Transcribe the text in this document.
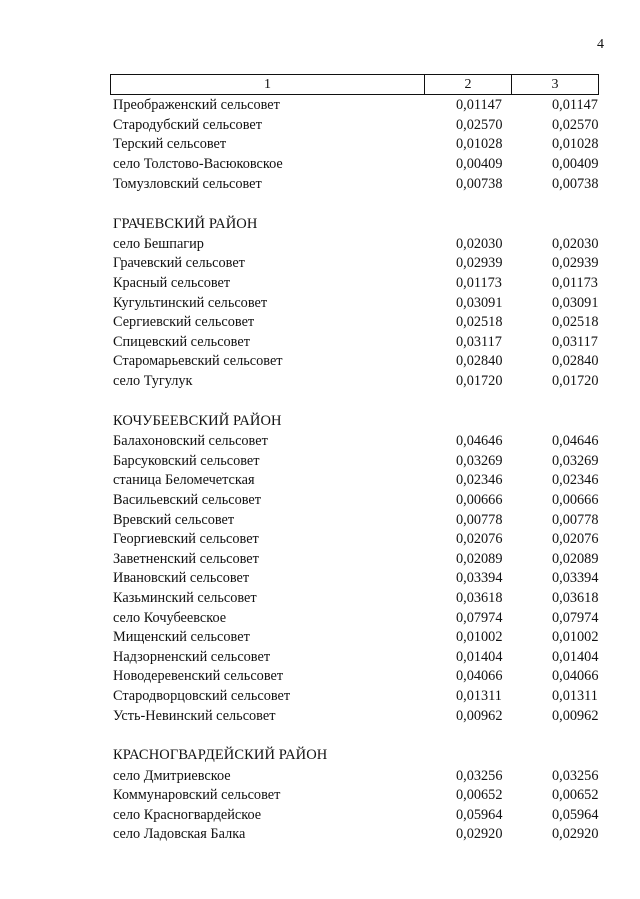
4
1	2	3
Преображенский сельсовет	0,01147	0,01147
Стародубский сельсовет	0,02570	0,02570
Терский сельсовет	0,01028	0,01028
село Толстово-Васюковское	0,00409	0,00409
Томузловский сельсовет	0,00738	0,00738
ГРАЧЕВСКИЙ РАЙОН
село Бешпагир	0,02030	0,02030
Грачевский сельсовет	0,02939	0,02939
Красный сельсовет	0,01173	0,01173
Кугультинский сельсовет	0,03091	0,03091
Сергиевский сельсовет	0,02518	0,02518
Спицевский сельсовет	0,03117	0,03117
Старомарьевский сельсовет	0,02840	0,02840
село Тугулук	0,01720	0,01720
КОЧУБЕЕВСКИЙ РАЙОН
Балахоновский сельсовет	0,04646	0,04646
Барсуковский сельсовет	0,03269	0,03269
станица Беломечетская	0,02346	0,02346
Васильевский сельсовет	0,00666	0,00666
Вревский сельсовет	0,00778	0,00778
Георгиевский сельсовет	0,02076	0,02076
Заветненский сельсовет	0,02089	0,02089
Ивановский сельсовет	0,03394	0,03394
Казьминский сельсовет	0,03618	0,03618
село Кочубеевское	0,07974	0,07974
Мищенский сельсовет	0,01002	0,01002
Надзорненский сельсовет	0,01404	0,01404
Новодеревенский сельсовет	0,04066	0,04066
Стародворцовский сельсовет	0,01311	0,01311
Усть-Невинский сельсовет	0,00962	0,00962
КРАСНОГВАРДЕЙСКИЙ РАЙОН
село Дмитриевское	0,03256	0,03256
Коммунаровский сельсовет	0,00652	0,00652
село Красногвардейское	0,05964	0,05964
село Ладовская Балка	0,02920	0,02920
